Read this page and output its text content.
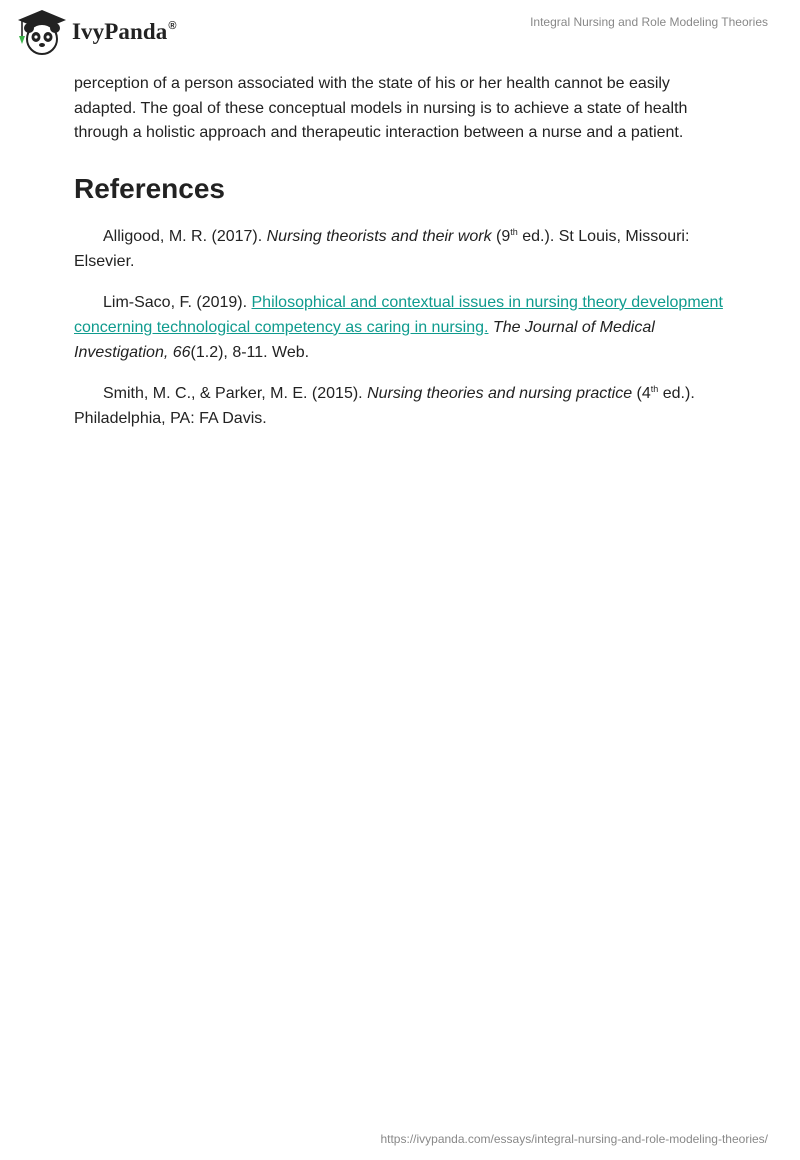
IvyPanda®	Integral Nursing and Role Modeling Theories

perception of a person associated with the state of his or her health cannot be easily adapted. The goal of these conceptual models in nursing is to achieve a state of health through a holistic approach and therapeutic interaction between a nurse and a patient.

References

Alligood, M. R. (2017). Nursing theorists and their work (9th ed.). St Louis, Missouri: Elsevier.

Lim-Saco, F. (2019). Philosophical and contextual issues in nursing theory development concerning technological competency as caring in nursing. The Journal of Medical Investigation, 66(1.2), 8-11. Web.

Smith, M. C., & Parker, M. E. (2015). Nursing theories and nursing practice (4th ed.). Philadelphia, PA: FA Davis.

https://ivypanda.com/essays/integral-nursing-and-role-modeling-theories/
